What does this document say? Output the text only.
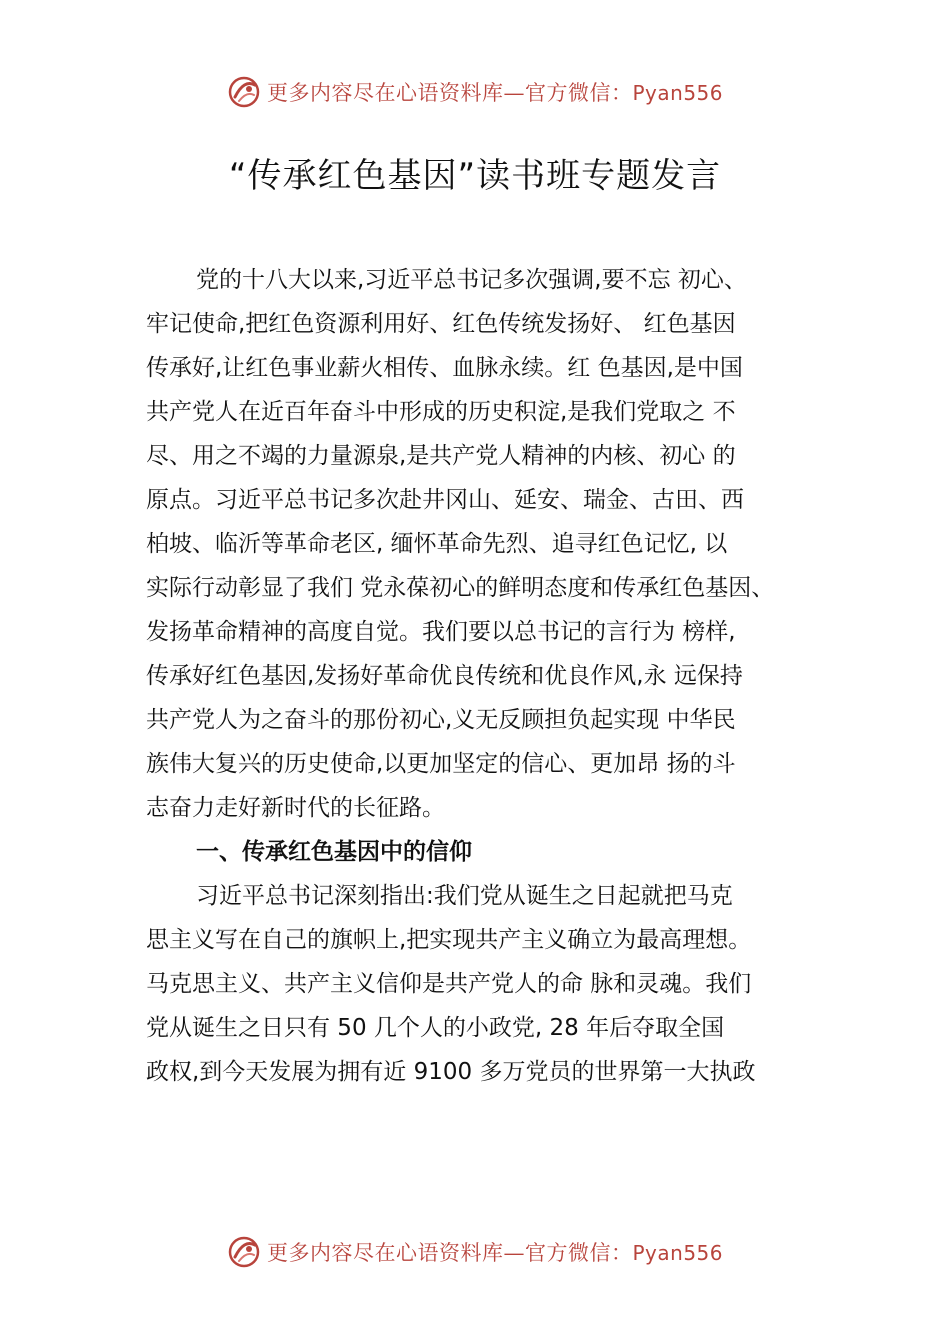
更多内容尽在心语资料库—官方微信：Pyan556
“传承红色基因”读书班专题发言
党的十八大以来,习近平总书记多次强调,要不忘 初心、
牢记使命,把红色资源利用好、红色传统发扬好、 红色基因
传承好,让红色事业薪火相传、血脉永续。红 色基因,是中国
共产党人在近百年奋斗中形成的历史积淀,是我们党取之 不
尽、用之不竭的力量源泉,是共产党人精神的内核、初心 的
原点。习近平总书记多次赴井冈山、延安、瑞金、古田、西
柏坡、临沂等革命老区, 缅怀革命先烈、追寻红色记忆, 以
实际行动彰显了我们 党永葆初心的鲜明态度和传承红色基因、
发扬革命精神的高度自觉。我们要以总书记的言行为 榜样,
传承好红色基因,发扬好革命优良传统和优良作风,永 远保持
共产党人为之奋斗的那份初心,义无反顾担负起实现 中华民
族伟大复兴的历史使命,以更加坚定的信心、更加昂 扬的斗
志奋力走好新时代的长征路。
一、传承红色基因中的信仰
习近平总书记深刻指出:我们党从诞生之日起就把马克
思主义写在自己的旗帜上,把实现共产主义确立为最高理想。
马克思主义、共产主义信仰是共产党人的命 脉和灵魂。我们
党从诞生之日只有 50 几个人的小政党, 28 年后夺取全国
政权,到今天发展为拥有近 9100 多万党员的世界第一大执政
更多内容尽在心语资料库—官方微信：Pyan556
